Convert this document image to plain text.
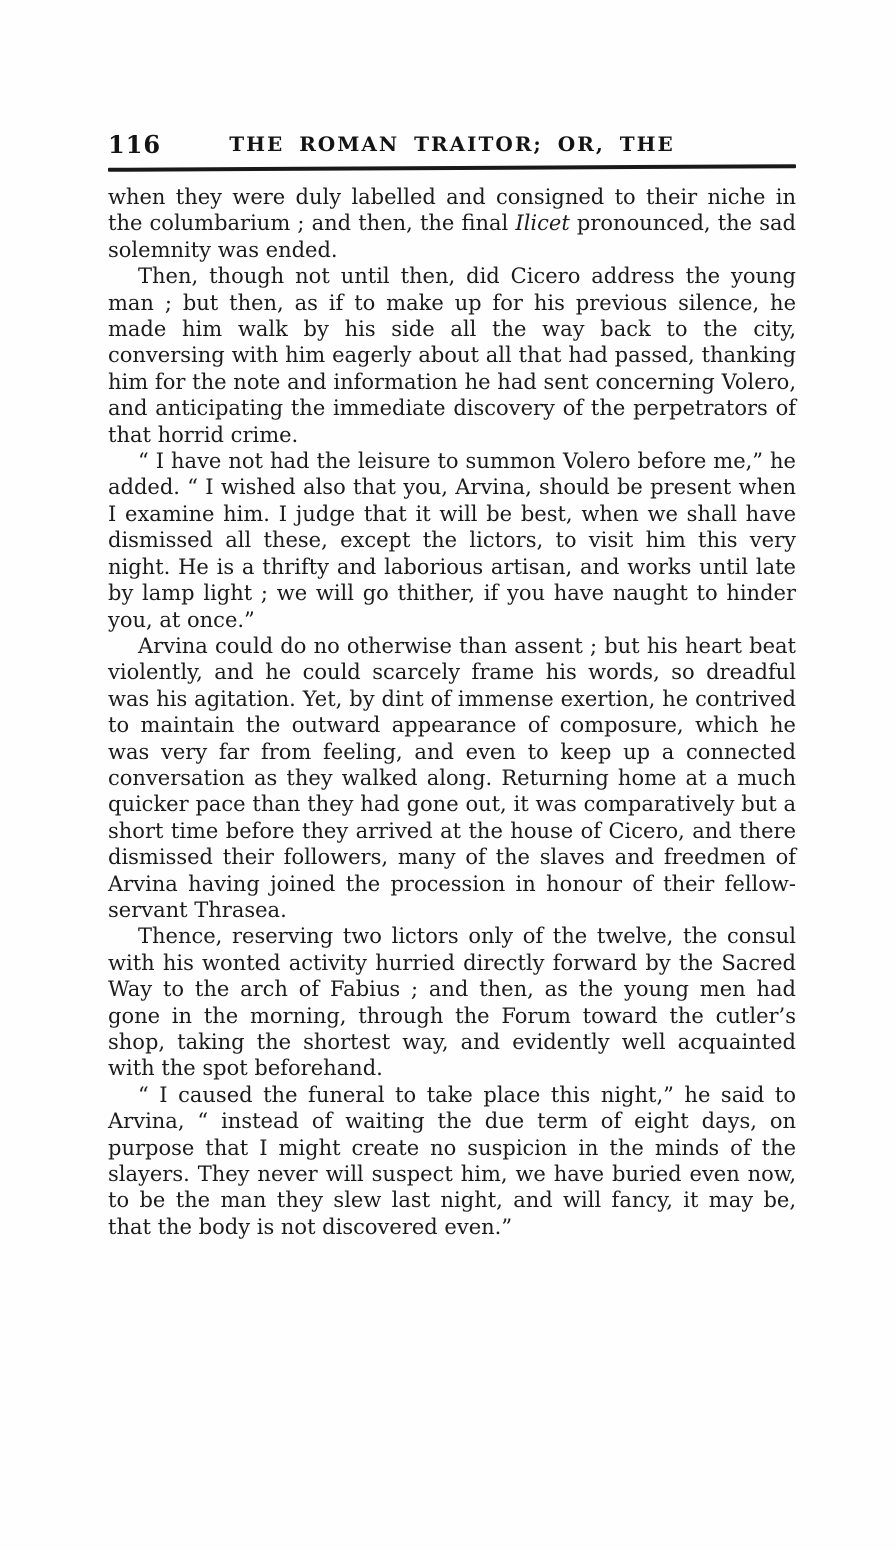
116	THE ROMAN TRAITOR; OR, THE

when they were duly labelled and consigned to their niche in the columbarium ; and then, the final Ilicet pronounced, the sad solemnity was ended.

Then, though not until then, did Cicero address the young man ; but then, as if to make up for his previous silence, he made him walk by his side all the way back to the city, conversing with him eagerly about all that had passed, thanking him for the note and information he had sent concerning Volero, and anticipating the immediate discovery of the perpetrators of that horrid crime.

“ I have not had the leisure to summon Volero before me,” he added. “ I wished also that you, Arvina, should be present when I examine him. I judge that it will be best, when we shall have dismissed all these, except the lictors, to visit him this very night. He is a thrifty and laborious artisan, and works until late by lamp light ; we will go thither, if you have naught to hinder you, at once.”

Arvina could do no otherwise than assent ; but his heart beat violently, and he could scarcely frame his words, so dreadful was his agitation. Yet, by dint of immense exertion, he contrived to maintain the outward appearance of composure, which he was very far from feeling, and even to keep up a connected conversation as they walked along. Returning home at a much quicker pace than they had gone out, it was comparatively but a short time before they arrived at the house of Cicero, and there dismissed their followers, many of the slaves and freedmen of Arvina having joined the procession in honour of their fellow-servant Thrasea.

Thence, reserving two lictors only of the twelve, the consul with his wonted activity hurried directly forward by the Sacred Way to the arch of Fabius ; and then, as the young men had gone in the morning, through the Forum toward the cutler’s shop, taking the shortest way, and evidently well acquainted with the spot beforehand.

“ I caused the funeral to take place this night,” he said to Arvina, “ instead of waiting the due term of eight days, on purpose that I might create no suspicion in the minds of the slayers. They never will suspect him, we have buried even now, to be the man they slew last night, and will fancy, it may be, that the body is not discovered even.”
